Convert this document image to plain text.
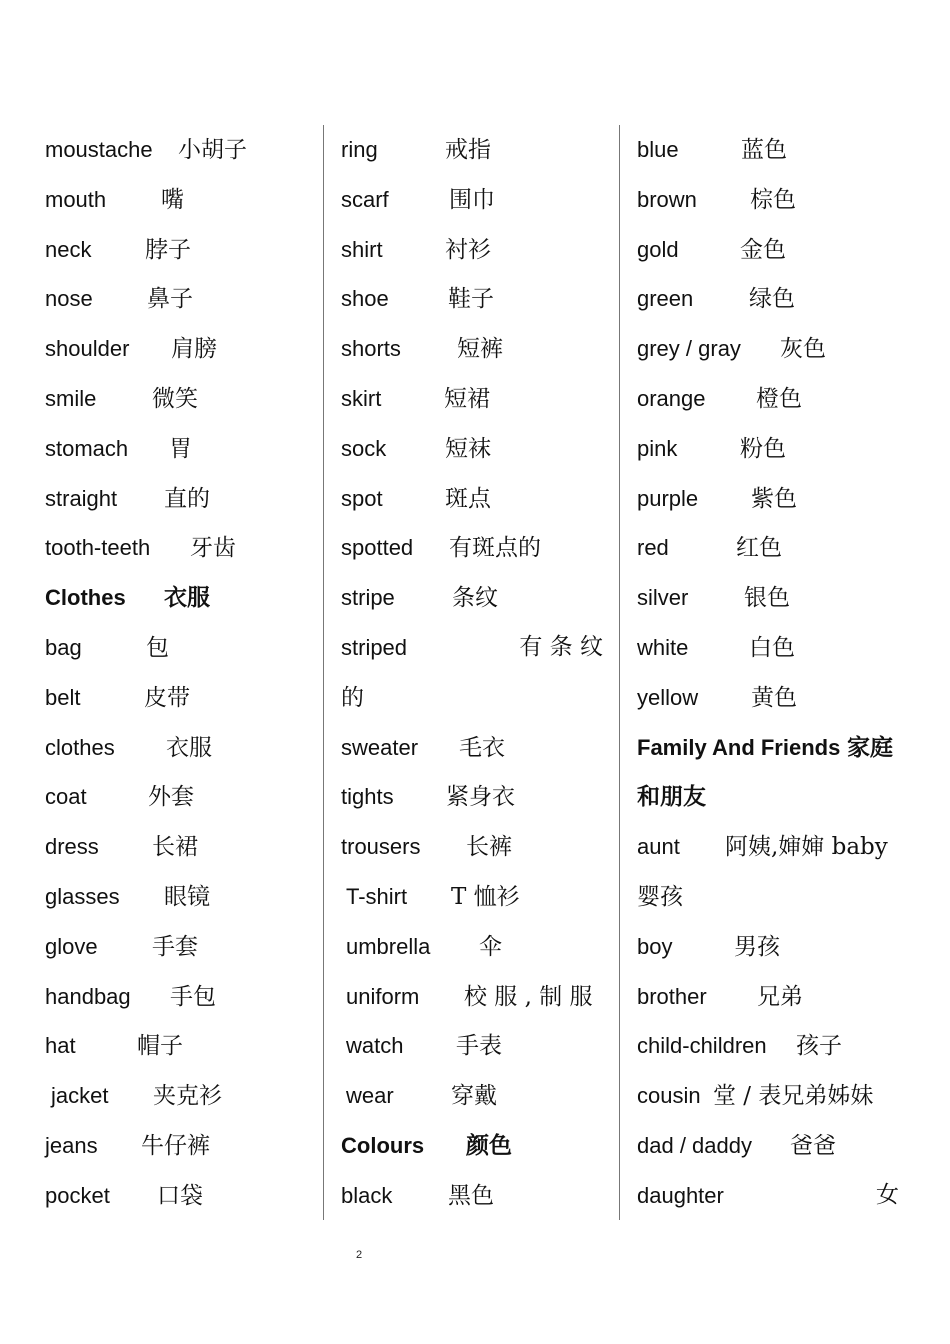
moustache 小胡子
mouth 嘴
neck 脖子
nose 鼻子
shoulder 肩膀
smile 微笑
stomach 胃
straight 直的
tooth-teeth 牙齿
Clothes 衣服
bag	包
belt	皮带
clothes 衣服
coat	外套
dress 长裙
glasses 眼镜
glove 手套
handbag 手包
hat	帽子
jacket 夹克衫
jeans 牛仔裤
pocket 口袋
ring	戒指
scarf	围巾
shirt	衬衫
shoe	鞋子
shorts 短裤
skirt	短裙
sock	短袜
spot	斑点
spotted 有斑点的
stripe 条纹
striped	有 条 纹
的
sweater 毛衣
tights 紧身衣
trousers 长裤
T-shirt T 恤衫
umbrella 伞
uniform 校 服 , 制 服
watch 手表
wear 穿戴
Colours 颜色
black 黑色
blue	蓝色
brown 棕色
gold	金色
green 绿色
grey / gray 灰色
orange 橙色
pink	粉色
purple 紫色
red	红色
silver 银色
white	白色
yellow 黄色
Family And Friends 家庭
和朋友
aunt 阿姨,婶婶 baby
婴孩
boy	男孩
brother 兄弟
child-children 孩子
cousin 堂 / 表兄弟姊妹
dad / daddy 爸爸
daughter	女
2
